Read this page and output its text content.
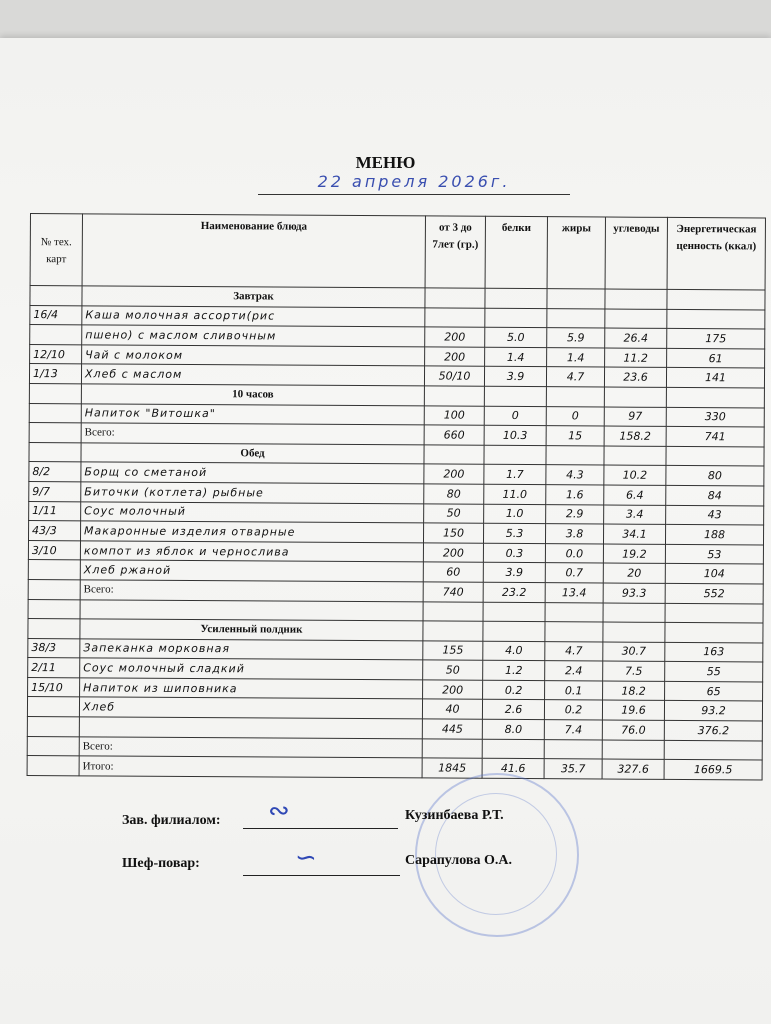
МЕНЮ
22 апреля 2026г.
№ тех. карт	Наименование блюда	от 3 до 7лет (гр.)	белки	жиры	углеводы	Энергетическая ценность (ккал)
	Завтрак					
16/4	Каша молочная ассорти(рис					
	пшено) с маслом сливочным	200	5.0	5.9	26.4	175
12/10	Чай с молоком	200	1.4	1.4	11.2	61
1/13	Хлеб с маслом	50/10	3.9	4.7	23.6	141
	10 часов					
	Напиток "Витошка"	100	0	0	97	330
	Всего:	660	10.3	15	158.2	741
	Обед					
8/2	Борщ со сметаной	200	1.7	4.3	10.2	80
9/7	Биточки (котлета) рыбные	80	11.0	1.6	6.4	84
1/11	Соус молочный	50	1.0	2.9	3.4	43
43/3	Макаронные изделия отварные	150	5.3	3.8	34.1	188
3/10	компот из яблок и чернослива	200	0.3	0.0	19.2	53
	Хлеб ржаной	60	3.9	0.7	20	104
	Всего:	740	23.2	13.4	93.3	552

	Усиленный полдник					
38/3	Запеканка морковная	155	4.0	4.7	30.7	163
2/11	Соус молочный сладкий	50	1.2	2.4	7.5	55
15/10	Напиток из шиповника	200	0.2	0.1	18.2	65
	Хлеб	40	2.6	0.2	19.6	93.2
		445	8.0	7.4	76.0	376.2
	Всего:					
	Итого:	1845	41.6	35.7	327.6	1669.5
Зав. филиалом: ∾	Кузинбаева Р.Т.
Шеф-повар:	∽	Сарапулова О.А.
